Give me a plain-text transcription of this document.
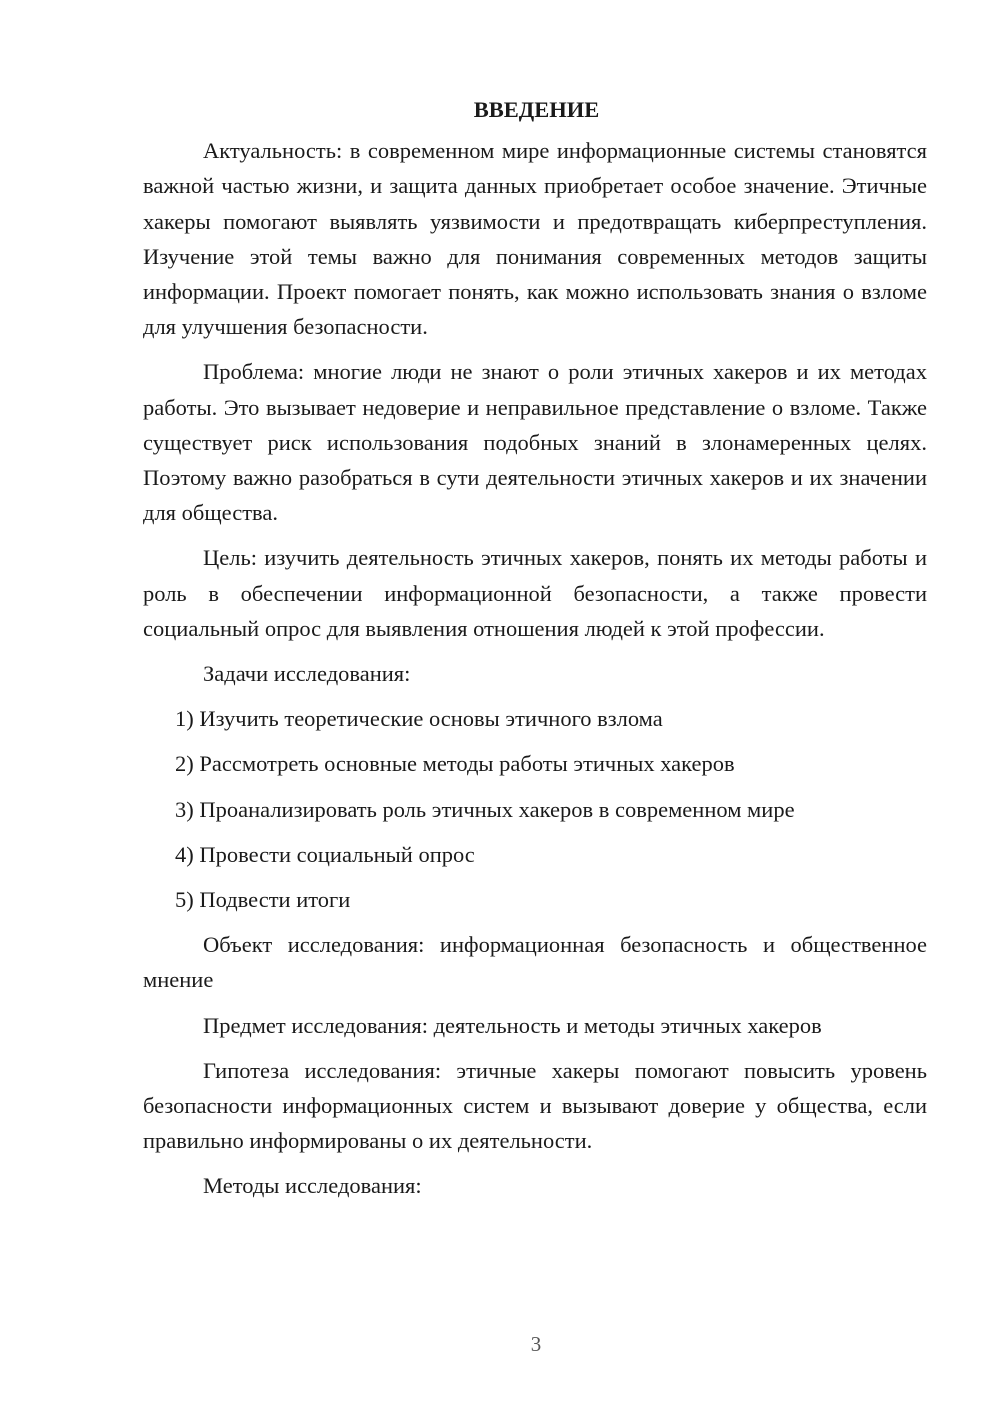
ВВЕДЕНИЕ

Актуальность: в современном мире информационные системы становятся важной частью жизни, и защита данных приобретает особое значение. Этичные хакеры помогают выявлять уязвимости и предотвращать киберпреступления. Изучение этой темы важно для понимания современных методов защиты информации. Проект помогает понять, как можно использовать знания о взломе для улучшения безопасности.

Проблема: многие люди не знают о роли этичных хакеров и их методах работы. Это вызывает недоверие и неправильное представление о взломе. Также существует риск использования подобных знаний в злонамеренных целях. Поэтому важно разобраться в сути деятельности этичных хакеров и их значении для общества.

Цель: изучить деятельность этичных хакеров, понять их методы работы и роль в обеспечении информационной безопасности, а также провести социальный опрос для выявления отношения людей к этой профессии.

Задачи исследования:

1) Изучить теоретические основы этичного взлома
2) Рассмотреть основные методы работы этичных хакеров
3) Проанализировать роль этичных хакеров в современном мире
4) Провести социальный опрос
5) Подвести итоги

Объект исследования: информационная безопасность и общественное мнение

Предмет исследования: деятельность и методы этичных хакеров

Гипотеза исследования: этичные хакеры помогают повысить уровень безопасности информационных систем и вызывают доверие у общества, если правильно информированы о их деятельности.

Методы исследования:

3
